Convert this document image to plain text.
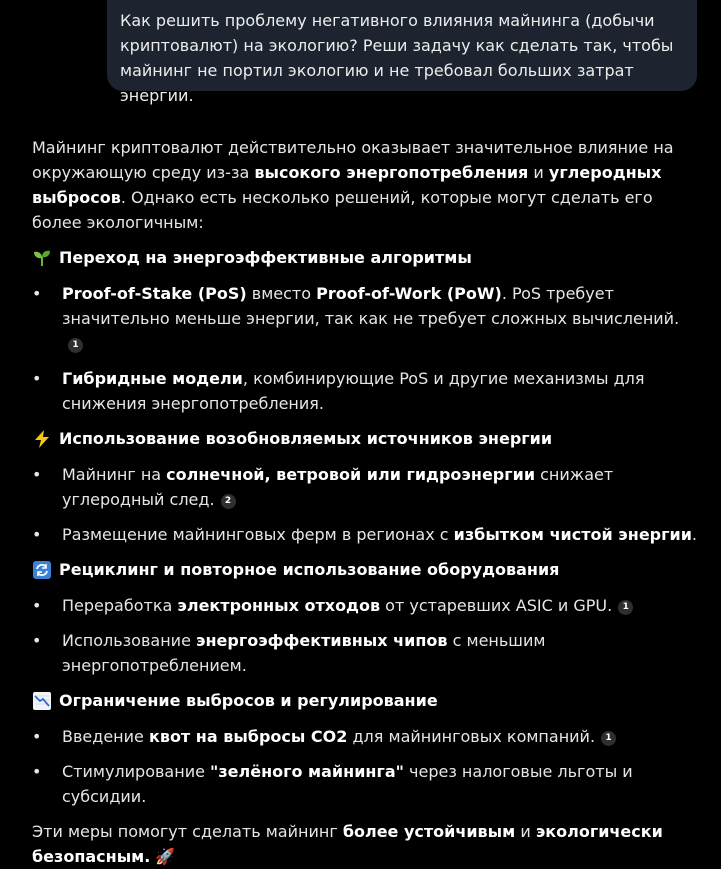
Как решить проблему негативного влияния майнинга (добычи криптовалют) на экологию? Реши задачу как сделать так, чтобы майнинг не портил экологию и не требовал больших затрат энергии.

Майнинг криптовалют действительно оказывает значительное влияние на окружающую среду из-за высокого энергопотребления и углеродных выбросов. Однако есть несколько решений, которые могут сделать его более экологичным:

Переход на энергоэффективные алгоритмы
• Proof-of-Stake (PoS) вместо Proof-of-Work (PoW). PoS требует значительно меньше энергии, так как не требует сложных вычислений.1
• Гибридные модели, комбинирующие PoS и другие механизмы для снижения энергопотребления.
Использование возобновляемых источников энергии
• Майнинг на солнечной, ветровой или гидроэнергии снижает углеродный след. 2
• Размещение майнинговых ферм в регионах с избытком чистой энергии.
Рециклинг и повторное использование оборудования
• Переработка электронных отходов от устаревших ASIC и GPU. 1
• Использование энергоэффективных чипов с меньшим энергопотреблением.
Ограничение выбросов и регулирование
• Введение квот на выбросы CO2 для майнинговых компаний. 1
• Стимулирование "зелёного майнинга" через налоговые льготы и субсидии.

Эти меры помогут сделать майнинг более устойчивым и экологически безопасным. 🚀
